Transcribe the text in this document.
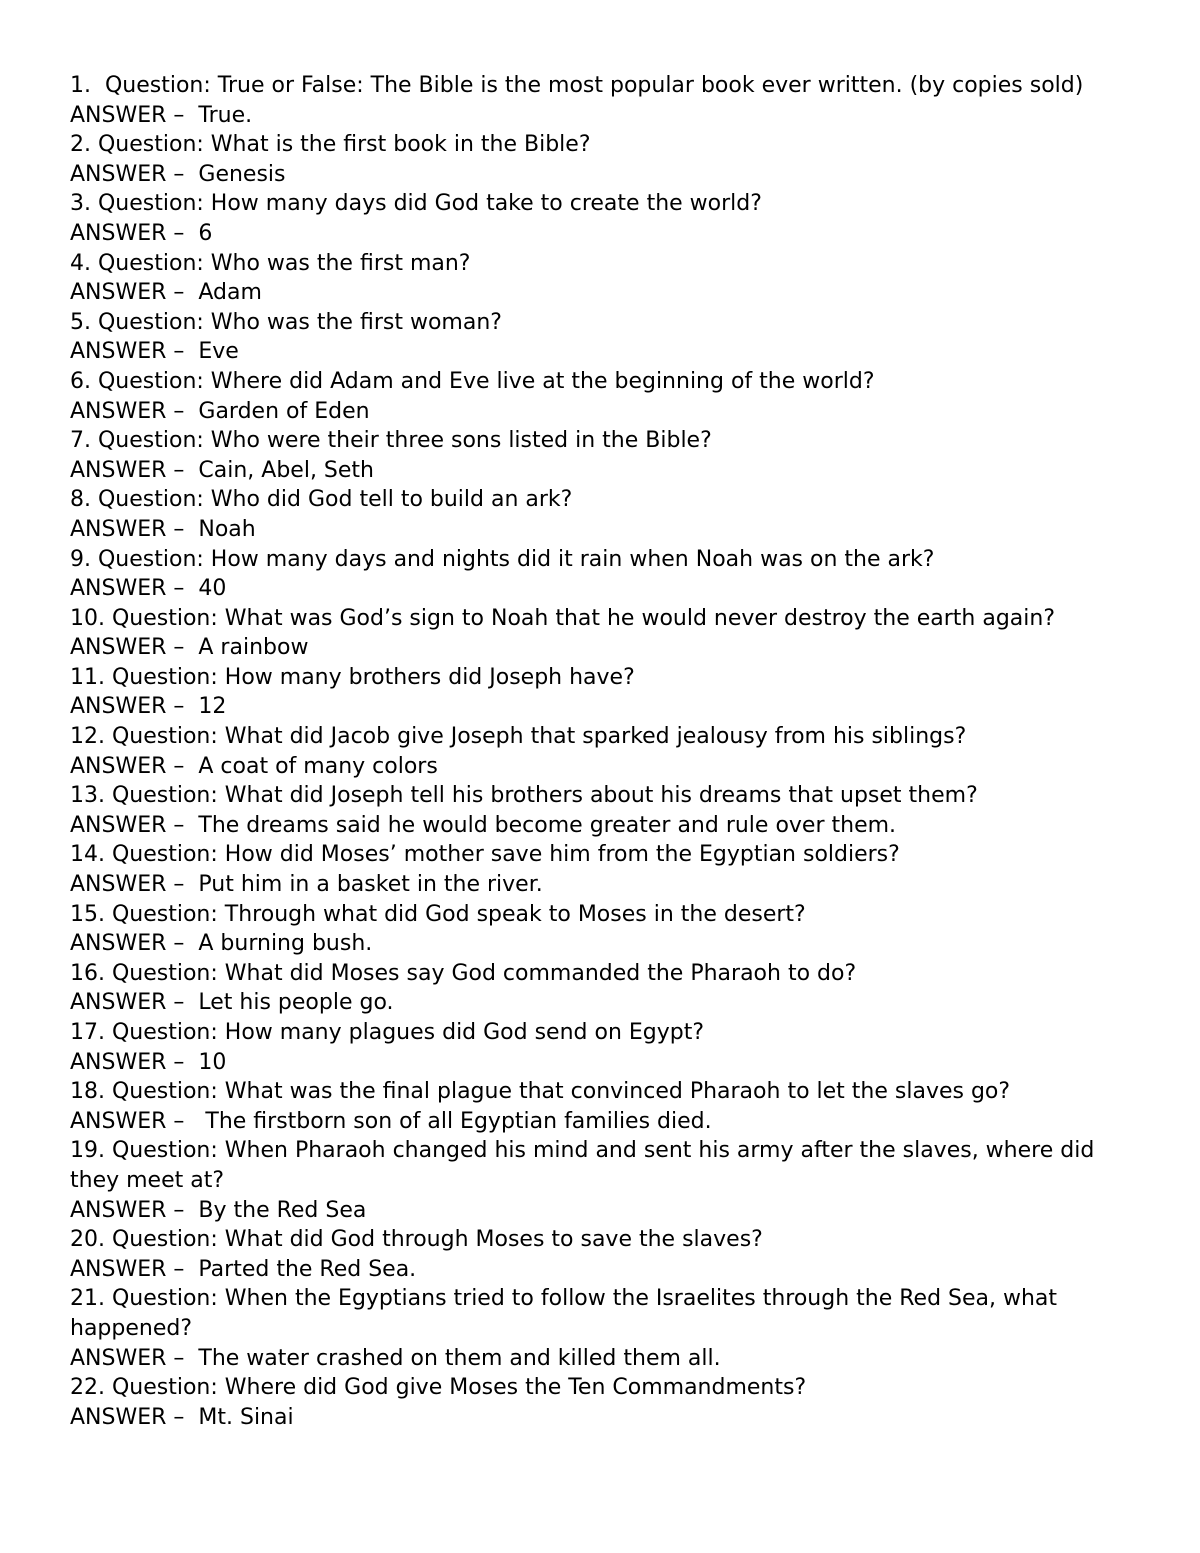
1.  Question: True or False: The Bible is the most popular book ever written. (by copies sold)

ANSWER –  True.

2. Question: What is the first book in the Bible?

ANSWER –  Genesis

3. Question: How many days did God take to create the world?

ANSWER –  6

4. Question: Who was the first man?

ANSWER –  Adam

5. Question: Who was the first woman?

ANSWER –  Eve

6. Question: Where did Adam and Eve live at the beginning of the world?

ANSWER –  Garden of Eden

7. Question: Who were their three sons listed in the Bible?

ANSWER –  Cain, Abel, Seth

8. Question: Who did God tell to build an ark?

ANSWER –  Noah

9. Question: How many days and nights did it rain when Noah was on the ark?

ANSWER –  40

10. Question: What was God’s sign to Noah that he would never destroy the earth again?

ANSWER –  A rainbow

11. Question: How many brothers did Joseph have?

ANSWER –  12

12. Question: What did Jacob give Joseph that sparked jealousy from his siblings?

ANSWER –  A coat of many colors

13. Question: What did Joseph tell his brothers about his dreams that upset them?

ANSWER –  The dreams said he would become greater and rule over them.

14. Question: How did Moses’ mother save him from the Egyptian soldiers?

ANSWER –  Put him in a basket in the river.

15. Question: Through what did God speak to Moses in the desert?

ANSWER –  A burning bush.

16. Question: What did Moses say God commanded the Pharaoh to do?

ANSWER –  Let his people go.

17. Question: How many plagues did God send on Egypt?

ANSWER –  10

18. Question: What was the final plague that convinced Pharaoh to let the slaves go?

ANSWER –   The firstborn son of all Egyptian families died.

19. Question: When Pharaoh changed his mind and sent his army after the slaves, where did they meet at?

ANSWER –  By the Red Sea

20. Question: What did God through Moses to save the slaves?

ANSWER –  Parted the Red Sea.

21. Question: When the Egyptians tried to follow the Israelites through the Red Sea, what happened?

ANSWER –  The water crashed on them and killed them all.

22. Question: Where did God give Moses the Ten Commandments?

ANSWER –  Mt. Sinai
